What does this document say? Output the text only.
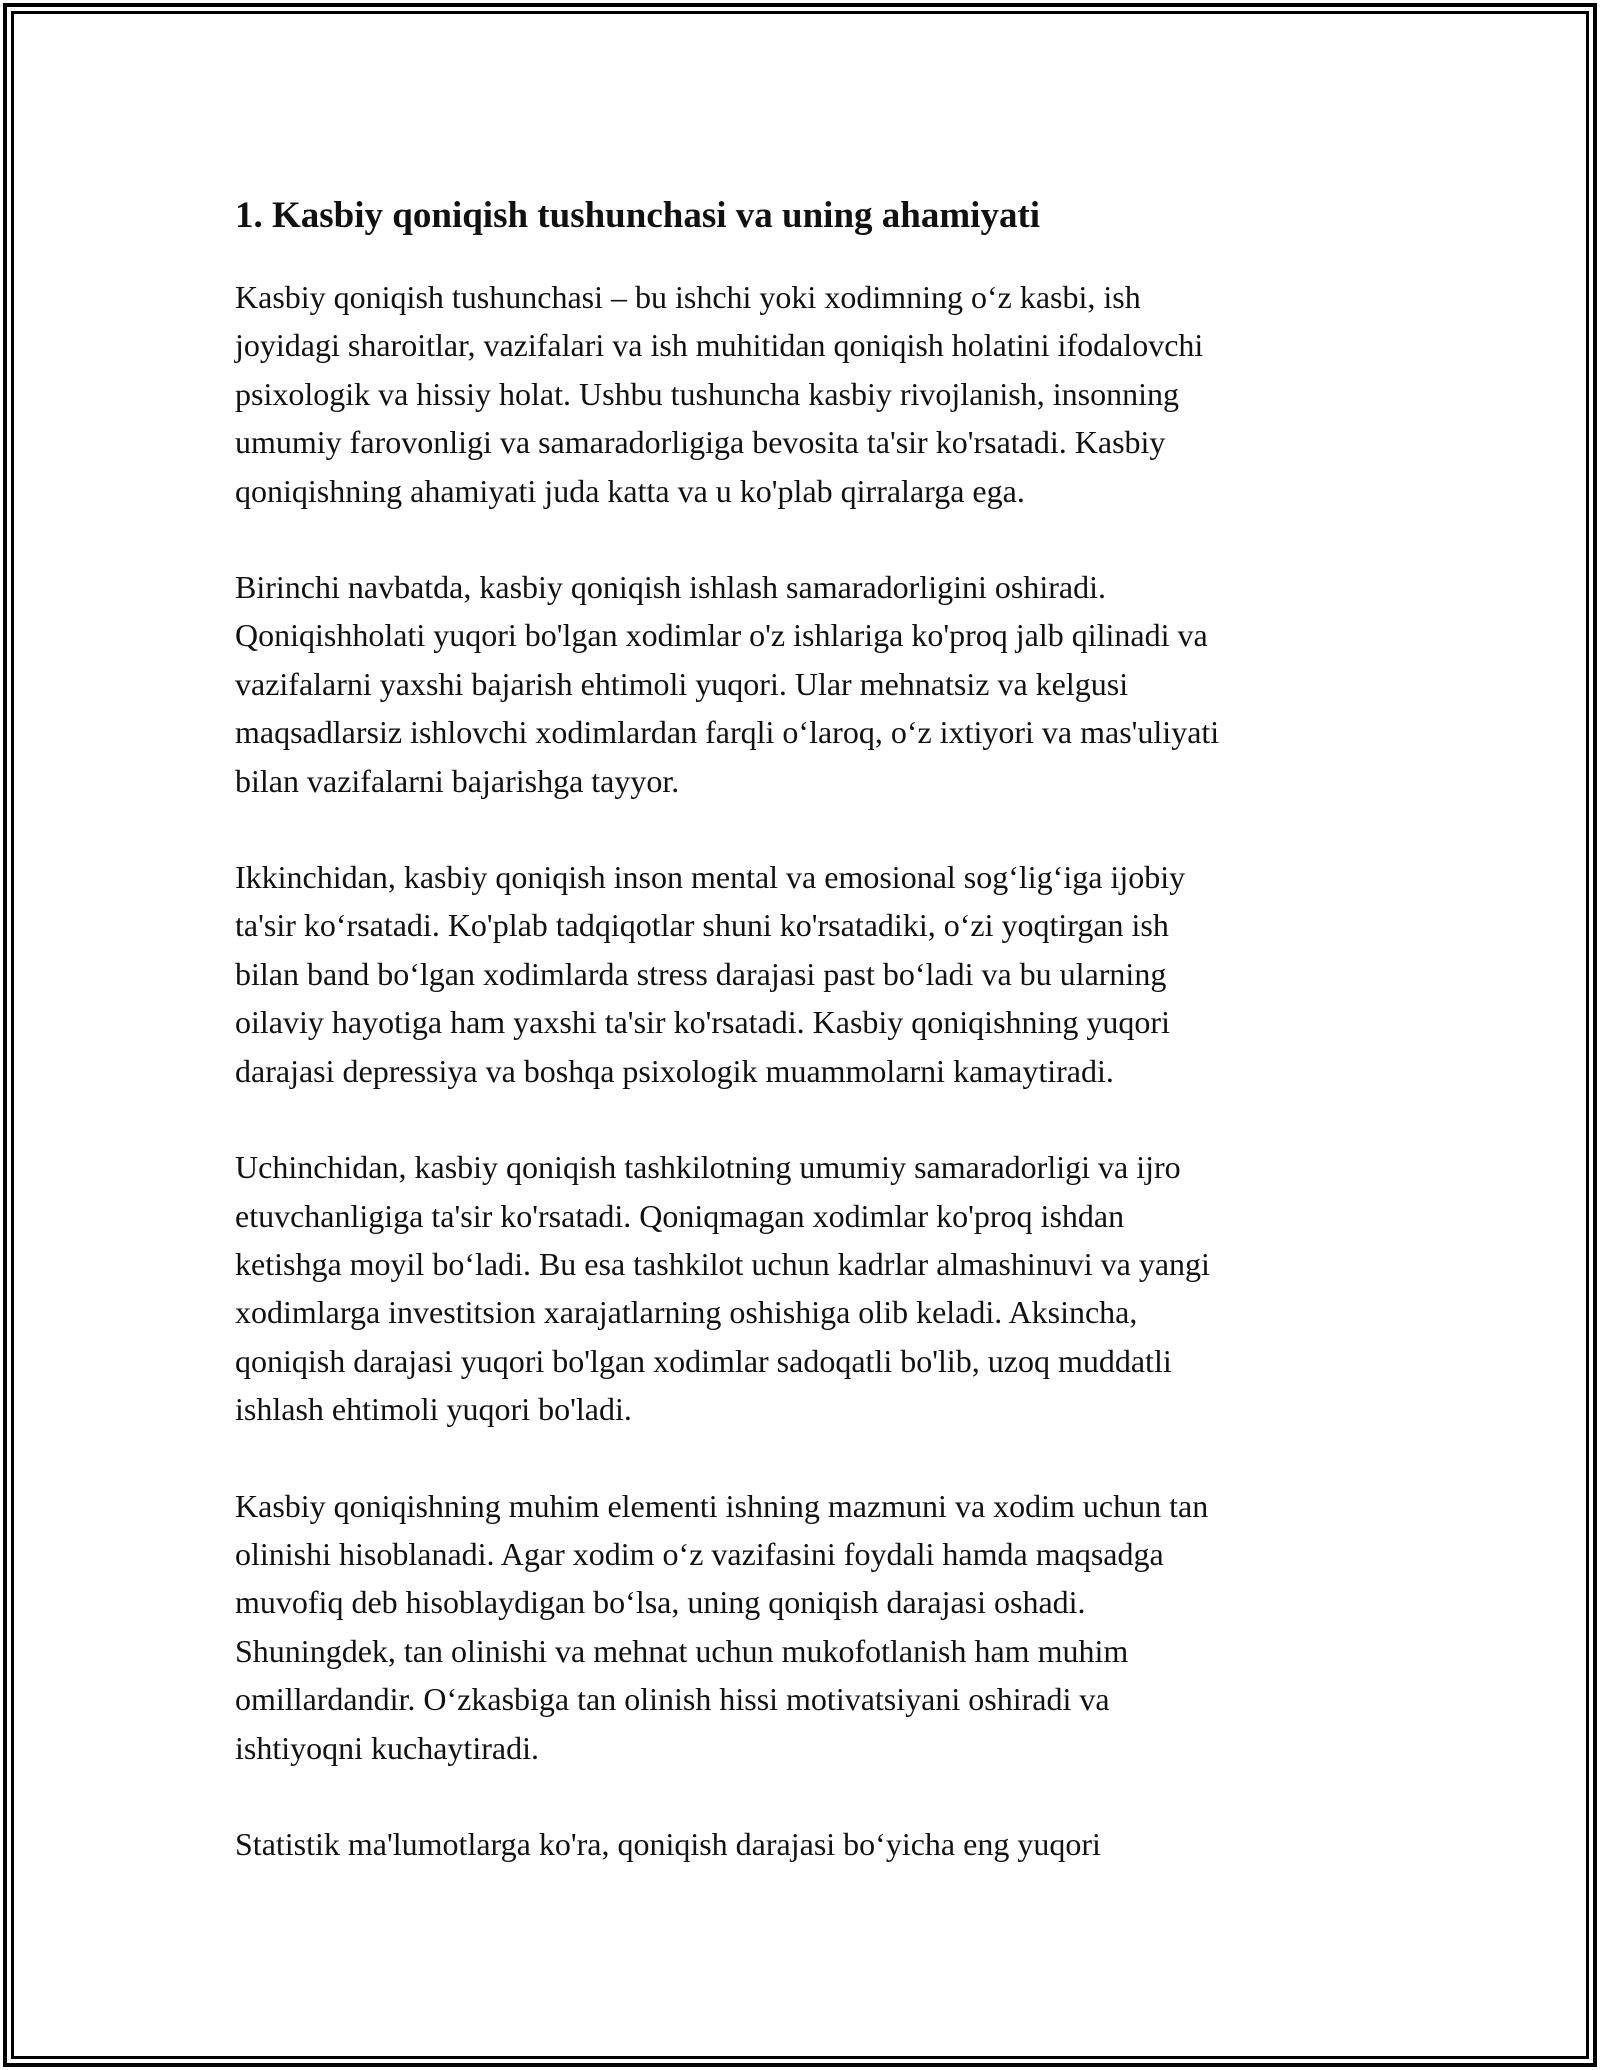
1. Kasbiy qoniqish tushunchasi va uning ahamiyati

Kasbiy qoniqish tushunchasi – bu ishchi yoki xodimning o‘z kasbi, ish
joyidagi sharoitlar, vazifalari va ish muhitidan qoniqish holatini ifodalovchi
psixologik va hissiy holat. Ushbu tushuncha kasbiy rivojlanish, insonning
umumiy farovonligi va samaradorligiga bevosita ta'sir ko'rsatadi. Kasbiy
qoniqishning ahamiyati juda katta va u ko'plab qirralarga ega.

Birinchi navbatda, kasbiy qoniqish ishlash samaradorligini oshiradi.
Qoniqishholati yuqori bo'lgan xodimlar o'z ishlariga ko'proq jalb qilinadi va
vazifalarni yaxshi bajarish ehtimoli yuqori. Ular mehnatsiz va kelgusi
maqsadlarsiz ishlovchi xodimlardan farqli o‘laroq, o‘z ixtiyori va mas'uliyati
bilan vazifalarni bajarishga tayyor.

Ikkinchidan, kasbiy qoniqish inson mental va emosional sog‘lig‘iga ijobiy
ta'sir ko‘rsatadi. Ko'plab tadqiqotlar shuni ko'rsatadiki, o‘zi yoqtirgan ish
bilan band bo‘lgan xodimlarda stress darajasi past bo‘ladi va bu ularning
oilaviy hayotiga ham yaxshi ta'sir ko'rsatadi. Kasbiy qoniqishning yuqori
darajasi depressiya va boshqa psixologik muammolarni kamaytiradi.

Uchinchidan, kasbiy qoniqish tashkilotning umumiy samaradorligi va ijro
etuvchanligiga ta'sir ko'rsatadi. Qoniqmagan xodimlar ko'proq ishdan
ketishga moyil bo‘ladi. Bu esa tashkilot uchun kadrlar almashinuvi va yangi
xodimlarga investitsion xarajatlarning oshishiga olib keladi. Aksincha,
qoniqish darajasi yuqori bo'lgan xodimlar sadoqatli bo'lib, uzoq muddatli
ishlash ehtimoli yuqori bo'ladi.

Kasbiy qoniqishning muhim elementi ishning mazmuni va xodim uchun tan
olinishi hisoblanadi. Agar xodim o‘z vazifasini foydali hamda maqsadga
muvofiq deb hisoblaydigan bo‘lsa, uning qoniqish darajasi oshadi.
Shuningdek, tan olinishi va mehnat uchun mukofotlanish ham muhim
omillardandir. O‘zkasbiga tan olinish hissi motivatsiyani oshiradi va
ishtiyoqni kuchaytiradi.

Statistik ma'lumotlarga ko'ra, qoniqish darajasi bo‘yicha eng yuqori
